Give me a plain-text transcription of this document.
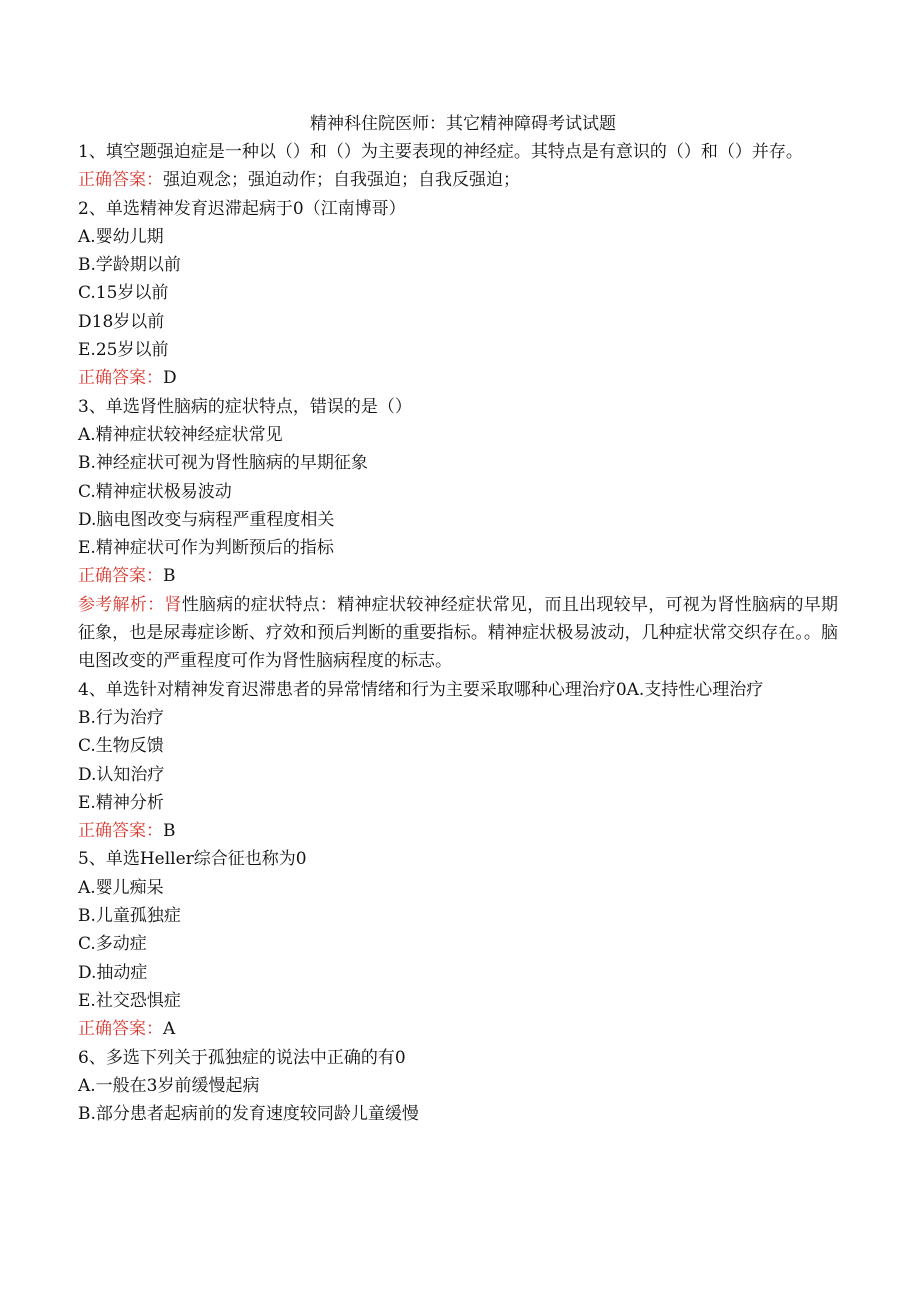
精神科住院医师：其它精神障碍考试试题
1、填空题强迫症是一种以（）和（）为主要表现的神经症。其特点是有意识的（）和（）并存。
正确答案：强迫观念；强迫动作；自我强迫；自我反强迫；
2、单选精神发育迟滞起病于0（江南博哥）
A.婴幼儿期
B.学龄期以前
C.15岁以前
D18岁以前
E.25岁以前
正确答案：D
3、单选肾性脑病的症状特点，错误的是（）
A.精神症状较神经症状常见
B.神经症状可视为肾性脑病的早期征象
C.精神症状极易波动
D.脑电图改变与病程严重程度相关
E.精神症状可作为判断预后的指标
正确答案：B
参考解析：肾性脑病的症状特点：精神症状较神经症状常见，而且出现较早，可视为肾性脑病的早期征象，也是尿毒症诊断、疗效和预后判断的重要指标。精神症状极易波动，几种症状常交织存在。。脑电图改变的严重程度可作为肾性脑病程度的标志。
4、单选针对精神发育迟滞患者的异常情绪和行为主要采取哪种心理治疗0A.支持性心理治疗
B.行为治疗
C.生物反馈
D.认知治疗
E.精神分析
正确答案：B
5、单选Heller综合征也称为0
A.婴儿痴呆
B.儿童孤独症
C.多动症
D.抽动症
E.社交恐惧症
正确答案：A
6、多选下列关于孤独症的说法中正确的有0
A.一般在3岁前缓慢起病
B.部分患者起病前的发育速度较同龄儿童缓慢
